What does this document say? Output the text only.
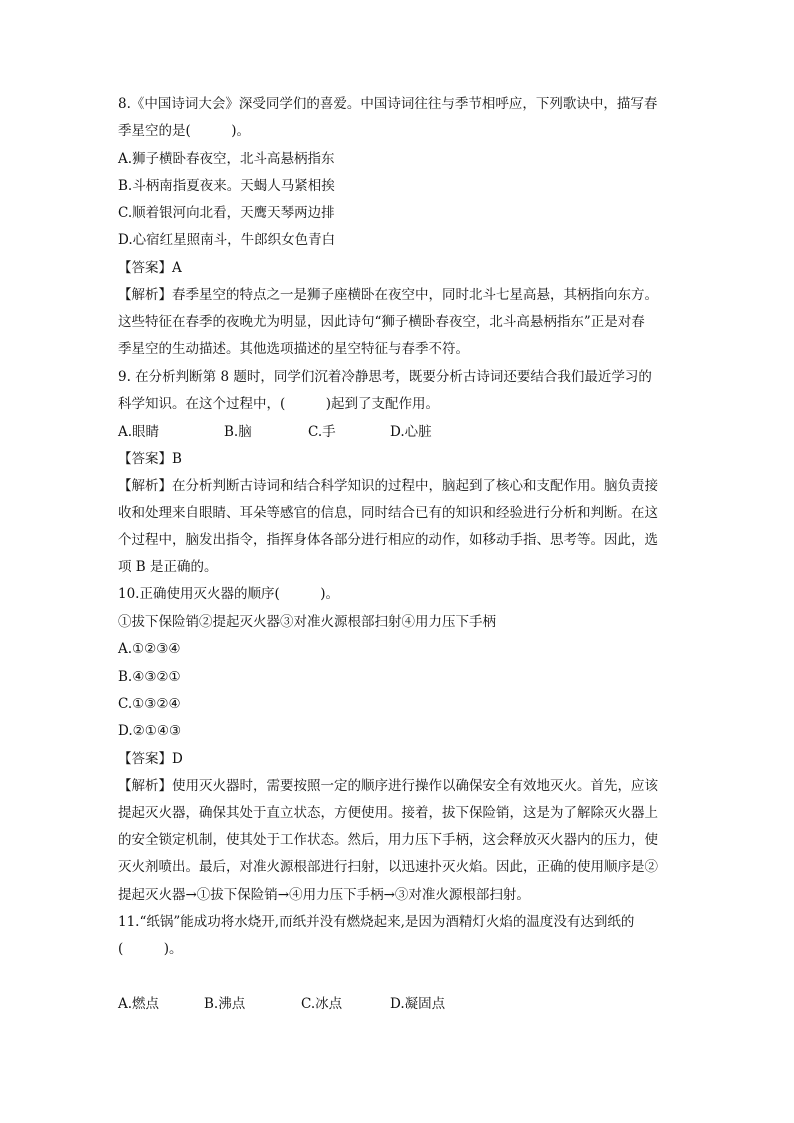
8.《中国诗词大会》深受同学们的喜爱。中国诗词往往与季节相呼应，下列歌诀中，描写春
季星空的是(　　　)。
A.狮子横卧春夜空，北斗高悬柄指东
B.斗柄南指夏夜来。天蝎人马紧相挨
C.顺着银河向北看，天鹰天琴两边排
D.心宿红星照南斗，牛郎织女色青白
【答案】A
【解析】春季星空的特点之一是狮子座横卧在夜空中，同时北斗七星高悬，其柄指向东方。
这些特征在春季的夜晚尤为明显，因此诗句“狮子横卧春夜空，北斗高悬柄指东”正是对春
季星空的生动描述。其他选项描述的星空特征与春季不符。
9. 在分析判断第 8 题时，同学们沉着冷静思考，既要分析古诗词还要结合我们最近学习的
科学知识。在这个过程中，(　　　)起到了支配作用。
A.眼睛	B.脑	C.手	D.心脏
【答案】B
【解析】在分析判断古诗词和结合科学知识的过程中，脑起到了核心和支配作用。脑负责接
收和处理来自眼睛、耳朵等感官的信息，同时结合已有的知识和经验进行分析和判断。在这
个过程中，脑发出指令，指挥身体各部分进行相应的动作，如移动手指、思考等。因此，选
项 B 是正确的。
10.正确使用灭火器的顺序(　　　)。
①拔下保险销②提起灭火器③对准火源根部扫射④用力压下手柄
A.①②③④
B.④③②①
C.①③②④
D.②①④③
【答案】D
【解析】使用灭火器时，需要按照一定的顺序进行操作以确保安全有效地灭火。首先，应该
提起灭火器，确保其处于直立状态，方便使用。接着，拔下保险销，这是为了解除灭火器上
的安全锁定机制，使其处于工作状态。然后，用力压下手柄，这会释放灭火器内的压力，使
灭火剂喷出。最后，对准火源根部进行扫射，以迅速扑灭火焰。因此，正确的使用顺序是②
提起灭火器→①拔下保险销→④用力压下手柄→③对准火源根部扫射。
11.“纸锅”能成功将水烧开,而纸并没有燃烧起来,是因为酒精灯火焰的温度没有达到纸的
(　　　)。
A.燃点	B.沸点	C.冰点	D.凝固点
